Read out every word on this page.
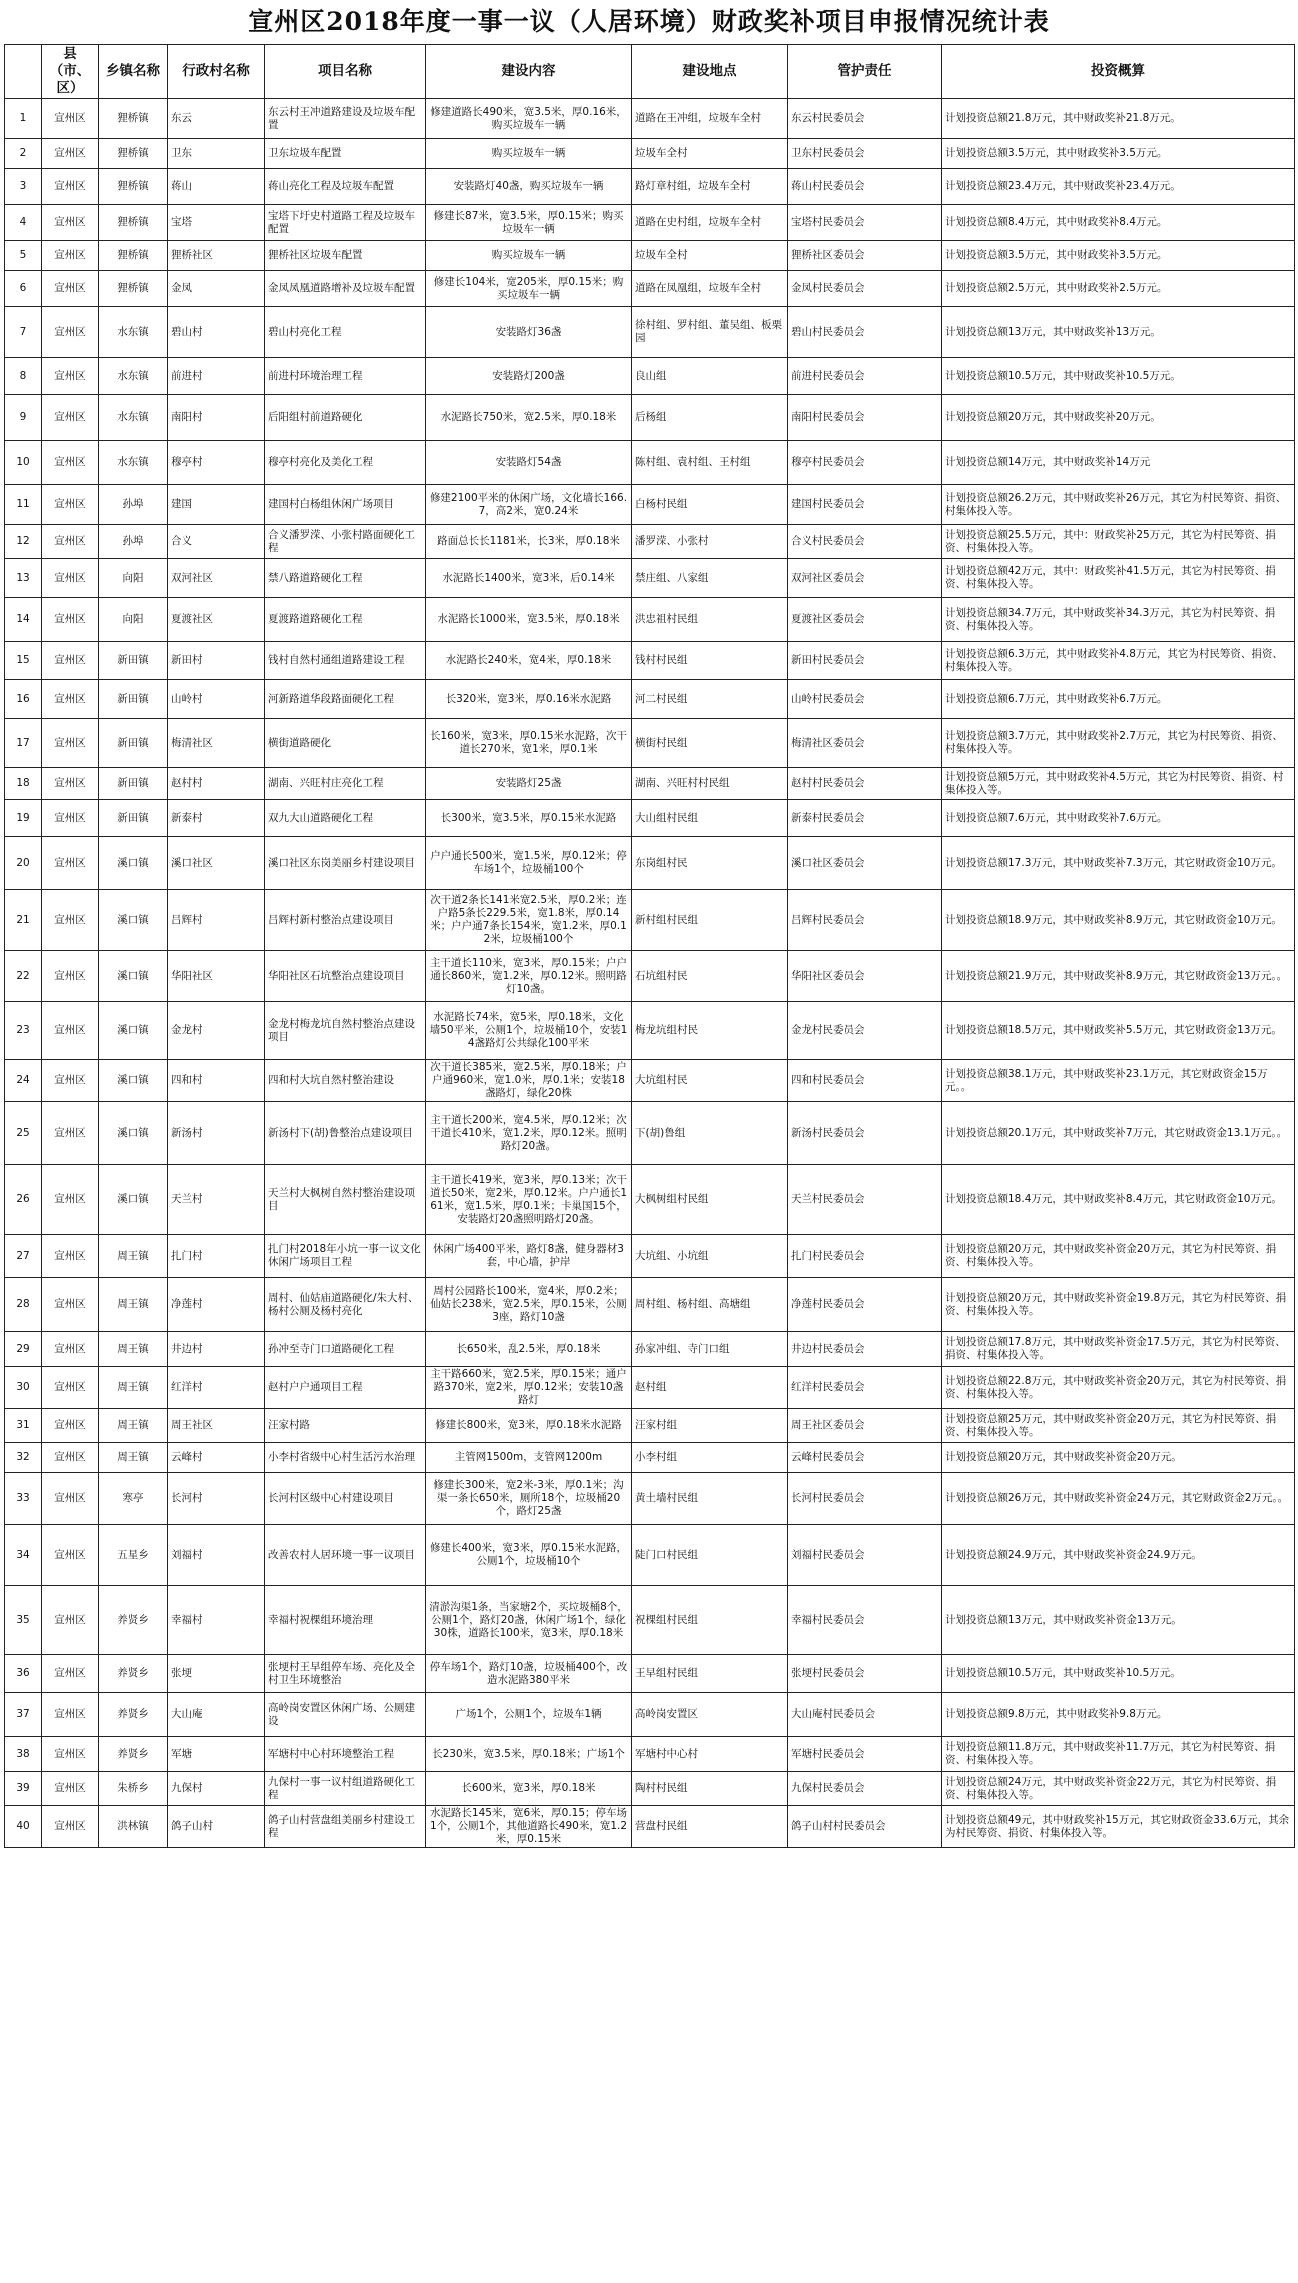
宣州区2018年度一事一议（人居环境）财政奖补项目申报情况统计表
	县（市、区）	乡镇名称	行政村名称	项目名称	建设内容	建设地点	管护责任	投资概算
1	宣州区	狸桥镇	东云	东云村王冲道路建设及垃圾车配置	修建道路长490米，宽3.5米，厚0.16米，购买垃圾车一辆	道路在王冲组，垃圾车全村	东云村民委员会	计划投资总额21.8万元，其中财政奖补21.8万元。
2	宣州区	狸桥镇	卫东	卫东垃圾车配置	购买垃圾车一辆	垃圾车全村	卫东村民委员会	计划投资总额3.5万元，其中财政奖补3.5万元。
3	宣州区	狸桥镇	蒋山	蒋山亮化工程及垃圾车配置	安装路灯40盏，购买垃圾车一辆	路灯章村组，垃圾车全村	蒋山村民委员会	计划投资总额23.4万元，其中财政奖补23.4万元。
4	宣州区	狸桥镇	宝塔	宝塔下圩史村道路工程及垃圾车配置	修建长87米，宽3.5米，厚0.15米；购买垃圾车一辆	道路在史村组，垃圾车全村	宝塔村民委员会	计划投资总额8.4万元，其中财政奖补8.4万元。
5	宣州区	狸桥镇	狸桥社区	狸桥社区垃圾车配置	购买垃圾车一辆	垃圾车全村	狸桥社区委员会	计划投资总额3.5万元，其中财政奖补3.5万元。
6	宣州区	狸桥镇	金凤	金凤凤凰道路增补及垃圾车配置	修建长104米，宽205米，厚0.15米；购买垃圾车一辆	道路在凤凰组，垃圾车全村	金凤村民委员会	计划投资总额2.5万元，其中财政奖补2.5万元。
7	宣州区	水东镇	碧山村	碧山村亮化工程	安装路灯36盏	徐村组、罗村组、董吴组、板栗园	碧山村民委员会	计划投资总额13万元，其中财政奖补13万元。
8	宣州区	水东镇	前进村	前进村环境治理工程	安装路灯200盏	良山组	前进村民委员会	计划投资总额10.5万元，其中财政奖补10.5万元。
9	宣州区	水东镇	南阳村	后阳组村前道路硬化	水泥路长750米，宽2.5米，厚0.18米	后杨组	南阳村民委员会	计划投资总额20万元，其中财政奖补20万元。
10	宣州区	水东镇	穆亭村	穆亭村亮化及美化工程	安装路灯54盏	陈村组、袁村组、王村组	穆亭村民委员会	计划投资总额14万元，其中财政奖补14万元
11	宣州区	孙埠	建国	建国村白杨组休闲广场项目	修建2100平米的休闲广场，文化墙长166.7，高2米，宽0.24米	白杨村民组	建国村民委员会	计划投资总额26.2万元，其中财政奖补26万元，其它为村民筹资、捐资、村集体投入等。
12	宣州区	孙埠	合义	合义潘罗溁、小张村路面硬化工程	路面总长长1181米，长3米，厚0.18米	潘罗溁、小张村	合义村民委员会	计划投资总额25.5万元，其中：财政奖补25万元，其它为村民筹资、捐资、村集体投入等。
13	宣州区	向阳	双河社区	禁八路道路硬化工程	水泥路长1400米，宽3米，后0.14米	禁庄组、八家组	双河社区委员会	计划投资总额42万元，其中：财政奖补41.5万元，其它为村民筹资、捐资、村集体投入等。
14	宣州区	向阳	夏渡社区	夏渡路道路硬化工程	水泥路长1000米，宽3.5米，厚0.18米	洪忠祖村民组	夏渡社区委员会	计划投资总额34.7万元，其中财政奖补34.3万元，其它为村民筹资、捐资、村集体投入等。
15	宣州区	新田镇	新田村	钱村自然村通组道路建设工程	水泥路长240米，宽4米，厚0.18米	钱村村民组	新田村民委员会	计划投资总额6.3万元，其中财政奖补4.8万元，其它为村民筹资、捐资、村集体投入等。
16	宣州区	新田镇	山岭村	河新路道华段路面硬化工程	长320米，宽3米，厚0.16米水泥路	河二村民组	山岭村民委员会	计划投资总额6.7万元，其中财政奖补6.7万元。
17	宣州区	新田镇	梅清社区	横街道路硬化	长160米，宽3米，厚0.15米水泥路，次干道长270米，宽1米，厚0.1米	横街村民组	梅清社区委员会	计划投资总额3.7万元，其中财政奖补2.7万元，其它为村民筹资、捐资、村集体投入等。
18	宣州区	新田镇	赵村村	湖南、兴旺村庄亮化工程	安装路灯25盏	湖南、兴旺村村民组	赵村村民委员会	计划投资总额5万元，其中财政奖补4.5万元，其它为村民筹资、捐资、村集体投入等。
19	宣州区	新田镇	新泰村	双九大山道路硬化工程	长300米，宽3.5米，厚0.15米水泥路	大山组村民组	新泰村民委员会	计划投资总额7.6万元，其中财政奖补7.6万元。
20	宣州区	溪口镇	溪口社区	溪口社区东岗美丽乡村建设项目	户户通长500米，宽1.5米，厚0.12米；停车场1个，垃圾桶100个	东岗组村民	溪口社区委员会	计划投资总额17.3万元，其中财政奖补7.3万元，其它财政资金10万元。
21	宣州区	溪口镇	吕辉村	吕辉村新村整治点建设项目	次干道2条长141米宽2.5米，厚0.2米；连户路5条长229.5米，宽1.8米，厚0.14米；户户通7条长154米，宽1.2米，厚0.12米，垃圾桶100个	新村组村民组	吕辉村民委员会	计划投资总额18.9万元，其中财政奖补8.9万元，其它财政资金10万元。
22	宣州区	溪口镇	华阳社区	华阳社区石坑整治点建设项目	主干道长110米，宽3米，厚0.15米；户户通长860米，宽1.2米，厚0.12米。照明路灯10盏。	石坑组村民	华阳社区委员会	计划投资总额21.9万元，其中财政奖补8.9万元，其它财政资金13万元。。
23	宣州区	溪口镇	金龙村	金龙村梅龙坑自然村整治点建设项目	水泥路长74米，宽5米，厚0.18米，文化墙50平米，公厕1个，垃圾桶10个，安装14盏路灯公共绿化100平米	梅龙坑组村民	金龙村民委员会	计划投资总额18.5万元，其中财政奖补5.5万元，其它财政资金13万元。
24	宣州区	溪口镇	四和村	四和村大坑自然村整治建设	次干道长385米，宽2.5米，厚0.18米；户户通960米，宽1.0米，厚0.1米；安装18盏路灯，绿化20株	大坑组村民	四和村民委员会	计划投资总额38.1万元，其中财政奖补23.1万元，其它财政资金15万元。。
25	宣州区	溪口镇	新汤村	新汤村下(胡)鲁整治点建设项目	主干道长200米，宽4.5米，厚0.12米；次干道长410米，宽1.2米，厚0.12米。照明路灯20盏。	下(胡)鲁组	新汤村民委员会	计划投资总额20.1万元，其中财政奖补7万元，其它财政资金13.1万元。。
26	宣州区	溪口镇	天兰村	天兰村大枫树自然村整治建设项目	主干道长419米，宽3米，厚0.13米；次干道长50米，宽2米，厚0.12米。户户通长161米，宽1.5米，厚0.1米；卡巢国15个，安装路灯20盏照明路灯20盏。	大枫树组村民组	天兰村民委员会	计划投资总额18.4万元，其中财政奖补8.4万元，其它财政资金10万元。
27	宣州区	周王镇	扎门村	扎门村2018年小坑一事一议文化休闲广场项目工程	休闲广场400平米，路灯8盏，健身器材3套，中心墙，护岸	大坑组、小坑组	扎门村民委员会	计划投资总额20万元，其中财政奖补资金20万元，其它为村民筹资、捐资、村集体投入等。
28	宣州区	周王镇	净莲村	周村、仙姑庙道路硬化/朱大村、杨村公厕及杨村亮化	周村公园路长100米，宽4米，厚0.2米；仙姑长238米，宽2.5米，厚0.15米，公厕3座，路灯10盏	周村组、杨村组、高塘组	净莲村民委员会	计划投资总额20万元，其中财政奖补资金19.8万元，其它为村民筹资、捐资、村集体投入等。
29	宣州区	周王镇	井边村	孙冲至寺门口道路硬化工程	长650米，乱2.5米，厚0.18米	孙家冲组、寺门口组	井边村民委员会	计划投资总额17.8万元，其中财政奖补资金17.5万元，其它为村民筹资、捐资、村集体投入等。
30	宣州区	周王镇	红洋村	赵村户户通项目工程	主干路660米，宽2.5米，厚0.15米；通户路370米，宽2米，厚0.12米；安装10盏路灯	赵村组	红洋村民委员会	计划投资总额22.8万元，其中财政奖补资金20万元，其它为村民筹资、捐资、村集体投入等。
31	宣州区	周王镇	周王社区	汪家村路	修建长800米，宽3米，厚0.18米水泥路	汪家村组	周王社区委员会	计划投资总额25万元，其中财政奖补资金20万元，其它为村民筹资、捐资、村集体投入等。
32	宣州区	周王镇	云峰村	小李村省级中心村生活污水治理	主管网1500m，支管网1200m	小李村组	云峰村民委员会	计划投资总额20万元，其中财政奖补资金20万元。
33	宣州区	寒亭	长河村	长河村区级中心村建设项目	修建长300米，宽2米-3米，厚0.1米；沟渠一条长650米，厕所18个，垃圾桶20个，路灯25盏	黄土墙村民组	长河村民委员会	计划投资总额26万元，其中财政奖补资金24万元，其它财政资金2万元。。
34	宣州区	五星乡	刘福村	改善农村人居环境一事一议项目	修建长400米，宽3米，厚0.15米水泥路，公厕1个，垃圾桶10个	陡门口村民组	刘福村民委员会	计划投资总额24.9万元，其中财政奖补资金24.9万元。
35	宣州区	养贤乡	幸福村	幸福村祝棵组环境治理	清淤沟渠1条，当家塘2个，买垃圾桶8个，公厕1个，路灯20盏，休闲广场1个，绿化30株，道路长100米，宽3米，厚0.18米	祝棵组村民组	幸福村民委员会	计划投资总额13万元，其中财政奖补资金13万元。
36	宣州区	养贤乡	张埂	张埂村王早组停车场、亮化及全村卫生环境整治	停车场1个，路灯10盏，垃圾桶400个，改造水泥路380平米	王早组村民组	张埂村民委员会	计划投资总额10.5万元，其中财政奖补10.5万元。
37	宣州区	养贤乡	大山庵	高岭岗安置区休闲广场、公厕建设	广场1个，公厕1个，垃圾车1辆	高岭岗安置区	大山庵村民委员会	计划投资总额9.8万元，其中财政奖补9.8万元。
38	宣州区	养贤乡	军塘	军塘村中心村环境整治工程	长230米，宽3.5米，厚0.18米；广场1个	军塘村中心村	军塘村民委员会	计划投资总额11.8万元，其中财政奖补11.7万元，其它为村民筹资、捐资、村集体投入等。
39	宣州区	朱桥乡	九保村	九保村一事一议村组道路硬化工程	长600米，宽3米，厚0.18米	陶村村民组	九保村民委员会	计划投资总额24万元，其中财政奖补资金22万元，其它为村民筹资、捐资、村集体投入等。
40	宣州区	洪林镇	鸽子山村	鸽子山村营盘组美丽乡村建设工程	水泥路长145米，宽6米，厚0.15；停车场1个，公厕1个，其他道路长490米，宽1.2米，厚0.15米	营盘村民组	鸽子山村村民委员会	计划投资总额49元，其中财政奖补15万元，其它财政资金33.6万元，其余为村民筹资、捐资、村集体投入等。
